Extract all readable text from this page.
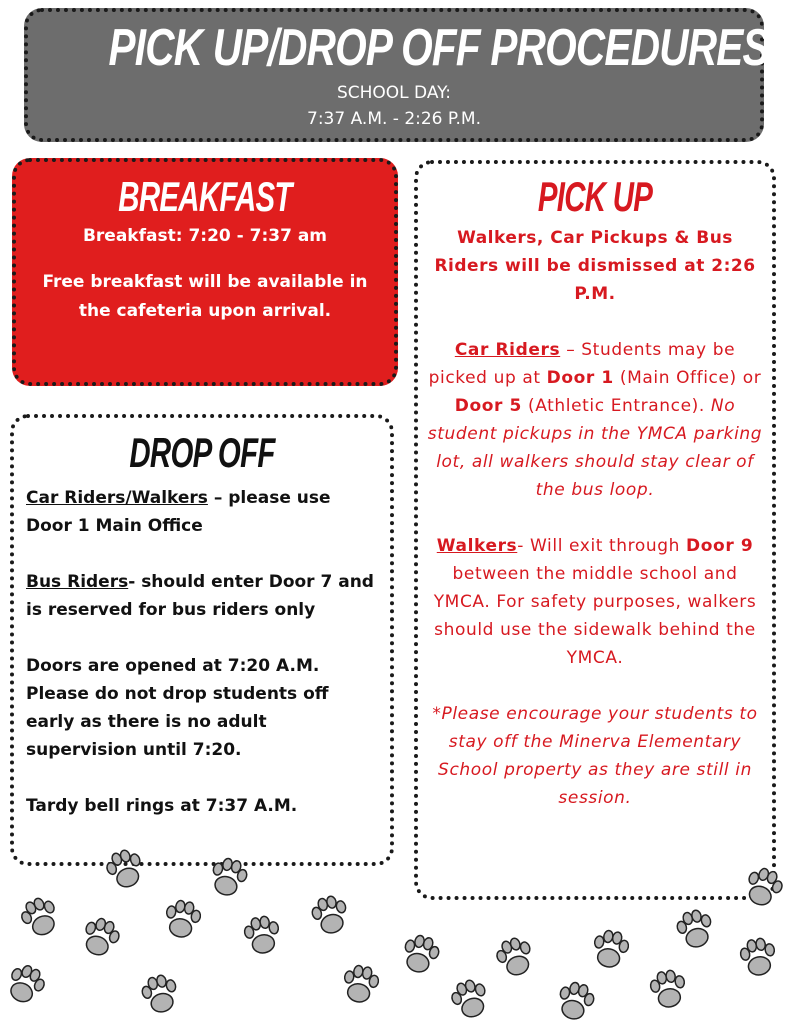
PICK UP/DROP OFF PROCEDURES
SCHOOL DAY:
7:37 A.M. - 2:26 P.M.
BREAKFAST
Breakfast: 7:20 - 7:37 am
Free breakfast will be available in the cafeteria upon arrival.
DROP OFF

Car Riders/Walkers – please use Door 1 Main Office

Bus Riders- should enter Door 7 and is reserved for bus riders only

Doors are opened at 7:20 A.M. Please do not drop students off early as there is no adult supervision until 7:20.

Tardy bell rings at 7:37 A.M.

PICK UP
Walkers, Car Pickups & Bus Riders will be dismissed at 2:26 P.M.
Car Riders – Students may be picked up at Door 1 (Main Office) or Door 5 (Athletic Entrance). No student pickups in the YMCA parking lot, all walkers should stay clear of the bus loop.
Walkers- Will exit through Door 9 between the middle school and YMCA. For safety purposes, walkers should use the sidewalk behind the YMCA.
*Please encourage your students to stay off the Minerva Elementary School property as they are still in session.
